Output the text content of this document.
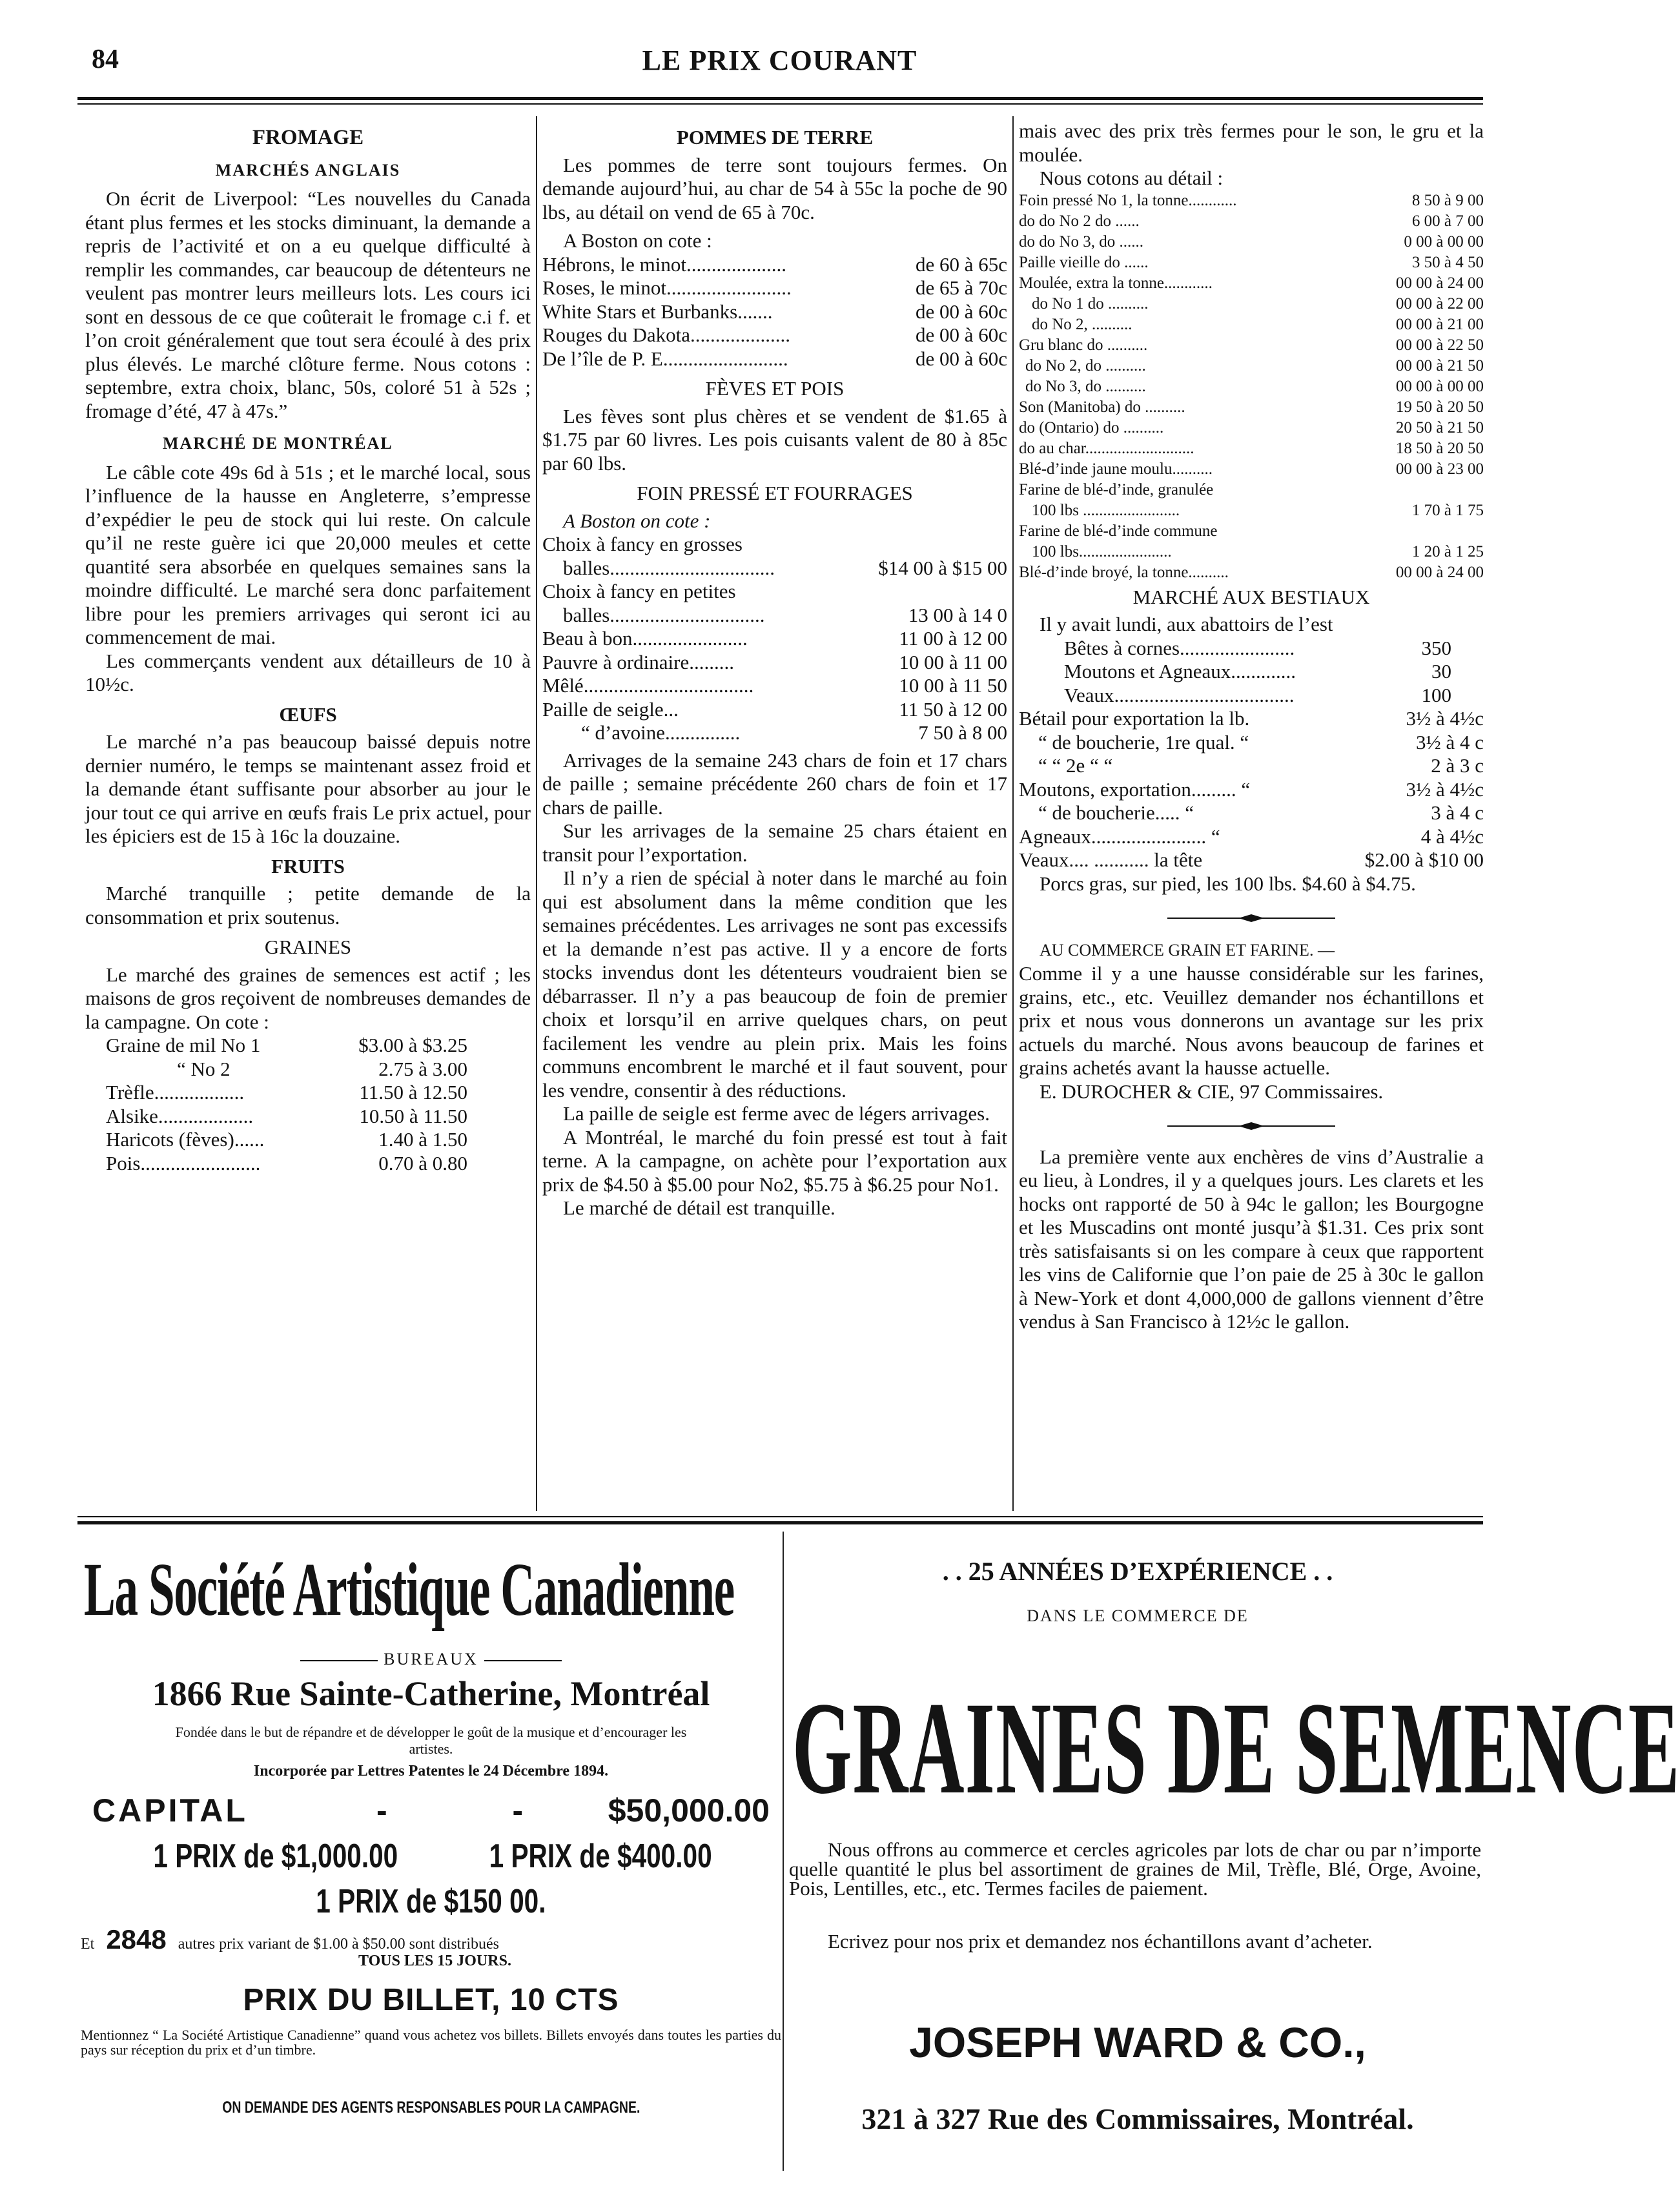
84	LE PRIX COURANT
FROMAGE
MARCHÉS ANGLAIS

On écrit de Liverpool: “Les nouvelles du Canada étant plus fermes et les stocks diminuant, la demande a repris de l’activité et on a eu quelque difficulté à remplir les commandes, car beaucoup de détenteurs ne veulent pas montrer leurs meilleurs lots. Les cours ici sont en dessous de ce que coûterait le fromage c.i f. et l’on croit généralement que tout sera écoulé à des prix plus élevés. Le marché clôture ferme. Nous cotons : septembre, extra choix, blanc, 50s, coloré 51 à 52s ; fromage d’été, 47 à 47s.”

MARCHÉ DE MONTRÉAL

Le câble cote 49s 6d à 51s ; et le marché local, sous l’influence de la hausse en Angleterre, s’empresse d’expédier le peu de stock qui lui reste. On calcule qu’il ne reste guère ici que 20,000 meules et cette quantité sera absorbée en quelques semaines sans la moindre difficulté. Le marché sera donc parfaitement libre pour les premiers arrivages qui seront ici au commencement de mai.

Les commerçants vendent aux détailleurs de 10 à 10½c.

ŒUFS

Le marché n’a pas beaucoup baissé depuis notre dernier numéro, le temps se maintenant assez froid et la demande étant suffisante pour absorber au jour le jour tout ce qui arrive en œufs frais Le prix actuel, pour les épiciers est de 15 à 16c la douzaine.

FRUITS

Marché tranquille ; petite demande de la consommation et prix soutenus.

GRAINES

Le marché des graines de semences est actif ; les maisons de gros reçoivent de nombreuses demandes de la campagne. On cote :

Graine de mil No 1	$3.00 à $3.25
“ No 2	2.75 à 3.00
Trèfle..................	11.50 à 12.50
Alsike...................	10.50 à 11.50
Haricots (fèves)......	1.40 à 1.50
Pois........................	0.70 à 0.80
POMMES DE TERRE

Les pommes de terre sont toujours fermes. On demande aujourd’hui, au char de 54 à 55c la poche de 90 lbs, au détail on vend de 65 à 70c.

A Boston on cote :

Hébrons, le minot....................	de 60 à 65c
Roses, le minot.........................	de 65 à 70c
White Stars et Burbanks.......	de 00 à 60c
Rouges du Dakota....................	de 00 à 60c
De l’île de P. E.........................	de 00 à 60c
FÈVES ET POIS

Les fèves sont plus chères et se vendent de $1.65 à $1.75 par 60 livres. Les pois cuisants valent de 80 à 85c par 60 lbs.

FOIN PRESSÉ ET FOURRAGES

A Boston on cote :

Choix à fancy en grosses	
balles.................................	$14 00 à $15 00
Choix à fancy en petites	
balles...............................	13 00 à 14 0
Beau à bon.......................	11 00 à 12 00
Pauvre à ordinaire.........	10 00 à 11 00
Mêlé..................................	10 00 à 11 50
Paille de seigle...	11 50 à 12 00
“ d’avoine...............	7 50 à 8 00

Arrivages de la semaine 243 chars de foin et 17 chars de paille ; semaine précédente 260 chars de foin et 17 chars de paille.

Sur les arrivages de la semaine 25 chars étaient en transit pour l’exportation.

Il n’y a rien de spécial à noter dans le marché au foin qui est absolument dans la même condition que les semaines précédentes. Les arrivages ne sont pas excessifs et la demande n’est pas active. Il y a encore de forts stocks invendus dont les détenteurs voudraient bien se débarrasser. Il n’y a pas beaucoup de foin de premier choix et lorsqu’il en arrive quelques chars, on peut facilement les vendre au plein prix. Mais les foins communs encombrent le marché et il faut souvent, pour les vendre, consentir à des réductions.

La paille de seigle est ferme avec de légers arrivages.

A Montréal, le marché du foin pressé est tout à fait terne. A la campagne, on achète pour l’exportation aux prix de $4.50 à $5.00 pour No2, $5.75 à $6.25 pour No1.

Le marché de détail est tranquille.

mais avec des prix très fermes pour le son, le gru et la moulée.

Nous cotons au détail :

Foin pressé No 1, la tonne............	8 50 à 9 00
do do No 2 do ......	6 00 à 7 00
do do No 3, do ......	0 00 à 00 00
Paille vieille do ......	3 50 à 4 50
Moulée, extra la tonne............	00 00 à 24 00
do No 1 do ..........	00 00 à 22 00
do No 2, ..........	00 00 à 21 00
Gru blanc do ..........	00 00 à 22 50
do No 2, do ..........	00 00 à 21 50
do No 3, do ..........	00 00 à 00 00
Son (Manitoba) do ..........	19 50 à 20 50
do (Ontario) do ..........	20 50 à 21 50
do au char...........................	18 50 à 20 50
Blé-d’inde jaune moulu..........	00 00 à 23 00
Farine de blé-d’inde, granulée	
100 lbs ........................	1 70 à 1 75
Farine de blé-d’inde commune	
100 lbs.......................	1 20 à 1 25
Blé-d’inde broyé, la tonne..........	00 00 à 24 00
MARCHÉ AUX BESTIAUX

Il y avait lundi, aux abattoirs de l’est

Bêtes à cornes.......................	350
Moutons et Agneaux.............	30
Veaux....................................	100
Bétail pour exportation la lb.	3½ à 4½c
“ de boucherie, 1re qual. “	3½ à 4 c
“ “ 2e “ “	2 à 3 c
Moutons, exportation......... “	3½ à 4½c
“ de boucherie..... “	3 à 4 c
Agneaux....................... “	4 à 4½c
Veaux.... ........... la tête	$2.00 à $10 00

Porcs gras, sur pied, les 100 lbs. $4.60 à $4.75.

AU COMMERCE GRAIN ET FARINE. —

Comme il y a une hausse considérable sur les farines, grains, etc., etc. Veuillez demander nos échantillons et prix et nous vous donnerons un avantage sur les prix actuels du marché. Nous avons beaucoup de farines et grains achetés avant la hausse actuelle.

E. DUROCHER & CIE, 97 Commissaires.

La première vente aux enchères de vins d’Australie a eu lieu, à Londres, il y a quelques jours. Les clarets et les hocks ont rapporté de 50 à 94c le gallon; les Bourgogne et les Muscadins ont monté jusqu’à $1.31. Ces prix sont très satisfaisants si on les compare à ceux que rapportent les vins de Californie que l’on paie de 25 à 30c le gallon à New-York et dont 4,000,000 de gallons viennent d’être vendus à San Francisco à 12½c le gallon.

La Société Artistique Canadienne
BUREAUX
1866 Rue Sainte-Catherine, Montréal
Fondée dans le but de répandre et de développer le goût de la musique et d’encourager les artistes.
Incorporée par Lettres Patentes le 24 Décembre 1894.
CAPITAL	- - $50,000.00
1 PRIX de $1,000.00	1 PRIX de $400.00
1 PRIX de $150 00.
Et 2848 autres prix variant de $1.00 à $50.00 sont distribués
TOUS LES 15 JOURS.
PRIX DU BILLET, 10 CTS
Mentionnez “ La Société Artistique Canadienne” quand vous achetez vos billets. Billets envoyés dans toutes les parties du pays sur réception du prix et d’un timbre.
ON DEMANDE DES AGENTS RESPONSABLES POUR LA CAMPAGNE.
. . 25 ANNÉES D’EXPÉRIENCE . .
DANS LE COMMERCE DE
GRAINES DE SEMENCE
Nous offrons au commerce et cercles agricoles par lots de char ou par n’importe quelle quantité le plus bel assortiment de graines de Mil, Trèfle, Blé, Orge, Avoine, Pois, Lentilles, etc., etc. Termes faciles de paiement.
Ecrivez pour nos prix et demandez nos échantillons avant d’acheter.
JOSEPH WARD & CO.,
321 à 327 Rue des Commissaires, Montréal.
